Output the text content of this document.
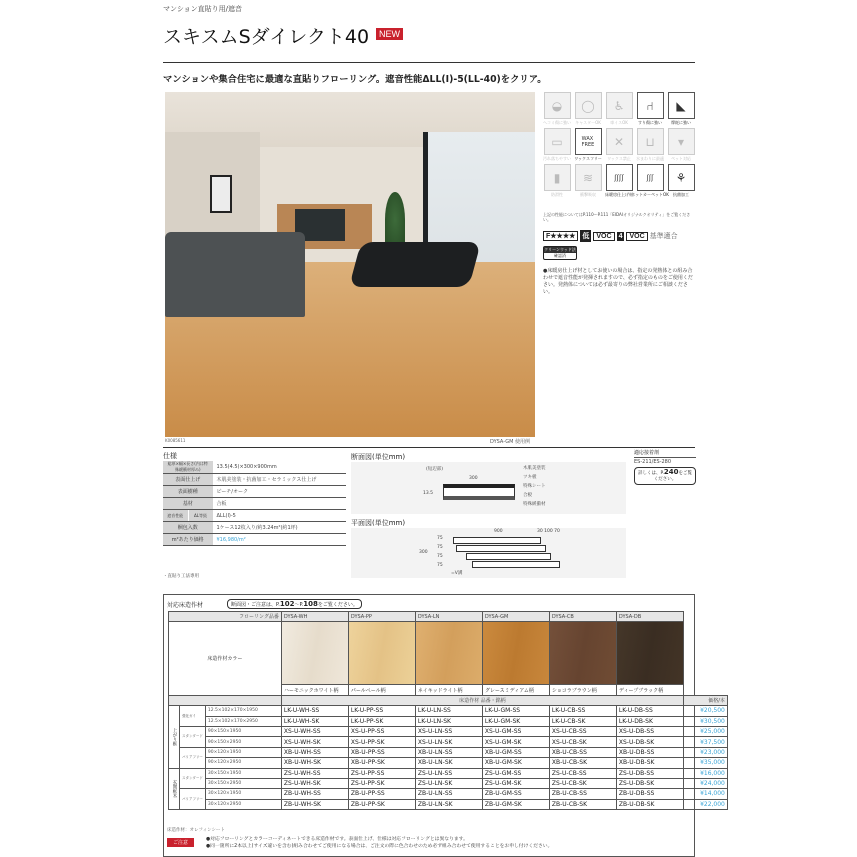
マンション直貼り用/遮音
スキスムSダイレクト40	NEW
マンションや集合住宅に最適な直貼りフローリング。遮音性能ΔLL(I)-5(LL-40)をクリア。
K0085611	DYSA-GM 使用例
◒
ヘコミ傷に強い
◯
キャスターOK
♿
車イスOK
⑁
すり傷に強い
◣
摩耗に強い
▭
汚れ落ちやすい
WAX
FREE
ワックスフリー
✕
ワックス禁止
⊔
水まわりに最適
▾
ペット対応
▮
防滑性
≋
衝撃吸収
ʃʃʃʃ
床暖房仕上げ材
ʃʃʃ
ホットカーペットOK
⚘
抗菌加工
上記の性能についてはP.110～P.111「EIDAIオリジナルクオリティ」をご覧ください。
F★★★★	低	VOC	4	VOC 基準適合
クリーンウッド法
確認済
●床暖房仕上げ材としてお使いの場合は、指定の発熱体との組み合わせで遮音性能が発揮されますので、必ず指定のものをご使用ください。発熱体については必ず最寄りの弊社営業所にご相談ください。
仕様
総厚×幅×長さ(内は特殊緩衝材厚み)		13.5(4.5)×300×900mm
表面仕上げ		木肌美塗装・抗菌加工・セラミックス仕上げ
表面樹種		ビーチ/オーク
基材		合板
遮音性能	ΔL等級	ΔLL(I)-5
梱包入数		1ケース12枚入り/約3.24m²(約1坪)
m²あたり価格		¥16,980/m²
・直貼り工法専用
断面図(単位mm)
(短辺部)
300
13.5
木肌美塗装
ツキ板
特殊シート
合板
特殊緩衝材
平面図(単位mm)
900	30 100 70
300
75
75
75
75
=V溝
適応接着剤
ES-211/ES-280
詳しくは、P.240をご覧ください。
対応床造作材	断面図・ご注意は、P.102～P.108をご覧ください。
フローリング品番			DYSA-WH	DYSA-PP	DYSA-LN	DYSA-GM	DYSA-CB	DYSA-DB	
床造作材カラー			

			ハーモニックホワイト柄	パールペール柄	ネイキッドライト柄	グレースミディアム柄	ショコラブラウン柄	ディープブラック柄	
			床造作材 品番・銘柄						価格/本
上がり框	強化ガイ	12.5×102×170×1950	LK-U-WH-SS	LK-U-PP-SS	LK-U-LN-SS	LK-U-GM-SS	LK-U-CB-SS	LK-U-DB-SS	¥20,500
		12.5×102×170×2950	LK-U-WH-SK	LK-U-PP-SK	LK-U-LN-SK	LK-U-GM-SK	LK-U-CB-SK	LK-U-DB-SK	¥30,500
	スタンダード	90×150×1950	XS-U-WH-SS	XS-U-PP-SS	XS-U-LN-SS	XS-U-GM-SS	XS-U-CB-SS	XS-U-DB-SS	¥25,000
		90×150×2950	XS-U-WH-SK	XS-U-PP-SK	XS-U-LN-SK	XS-U-GM-SK	XS-U-CB-SK	XS-U-DB-SK	¥37,500
	バリアフリー	90×120×1950	XB-U-WH-SS	XB-U-PP-SS	XB-U-LN-SS	XB-U-GM-SS	XB-U-CB-SS	XB-U-DB-SS	¥23,000
		90×120×2950	XB-U-WH-SK	XB-U-PP-SK	XB-U-LN-SK	XB-U-GM-SK	XB-U-CB-SK	XB-U-DB-SK	¥35,000
玄関框木	スタンダード	30×150×1950	ZS-U-WH-SS	ZS-U-PP-SS	ZS-U-LN-SS	ZS-U-GM-SS	ZS-U-CB-SS	ZS-U-DB-SS	¥16,000
		30×150×2950	ZS-U-WH-SK	ZS-U-PP-SK	ZS-U-LN-SK	ZS-U-GM-SK	ZS-U-CB-SK	ZS-U-DB-SK	¥24,000
	バリアフリー	30×120×1950	ZB-U-WH-SS	ZB-U-PP-SS	ZB-U-LN-SS	ZB-U-GM-SS	ZB-U-CB-SS	ZB-U-DB-SS	¥14,000
		30×120×2950	ZB-U-WH-SK	ZB-U-PP-SK	ZB-U-LN-SK	ZB-U-GM-SK	ZB-U-CB-SK	ZB-U-DB-SK	¥22,000
床造作材：オレフィンシート
ご注意
●対応フローリングとカラーコーディネートできる床造作材です。表面仕上げ、仕様は対応フローリングとは異なります。
●同一箇所に2本以上(サイズ違いを含む)組み合わせてご使用になる場合は、ご注文の際に色合わせのため必ず組み合わせて使用することをお申し付けください。
